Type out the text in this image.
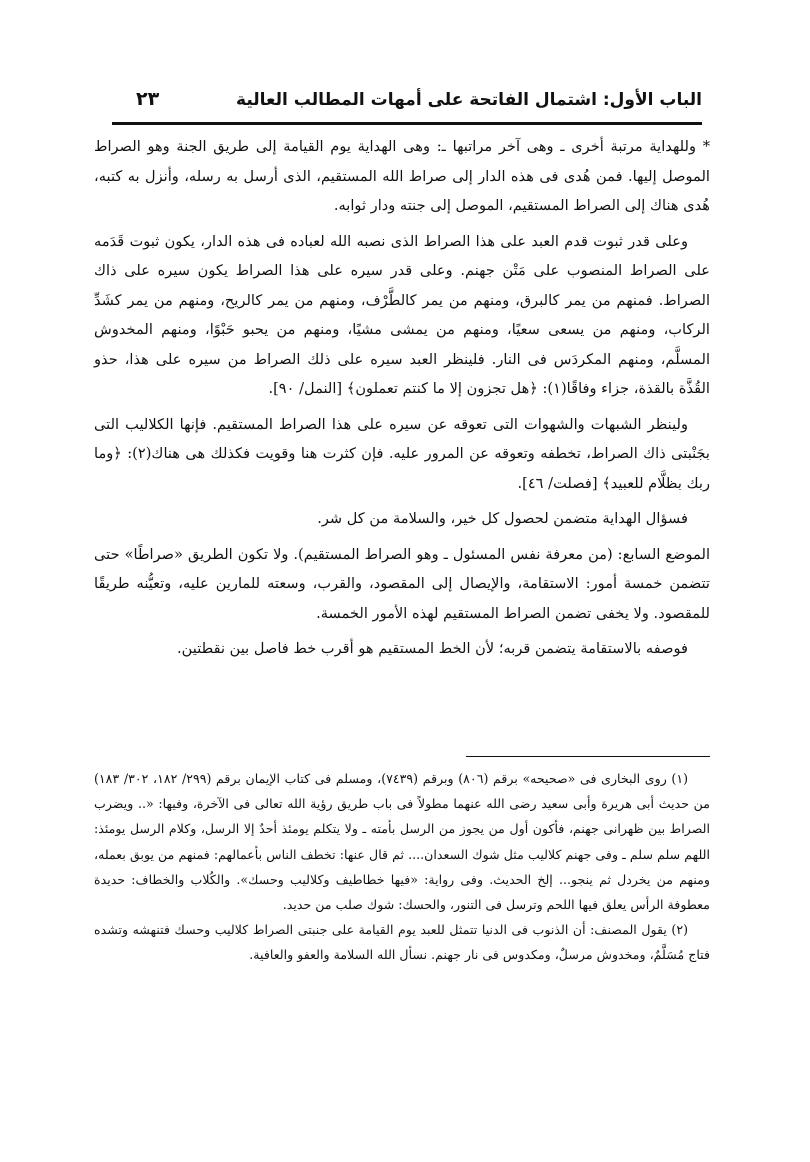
الباب الأول: اشتمال الفاتحة على أمهات المطالب العالية
٢٣

* وللهداية مرتبة أخرى ـ وهى آخر مراتبها ـ: وهى الهداية يوم القيامة إلى طريق الجنة وهو الصراط الموصل إليها. فمن هُدى فى هذه الدار إلى صراط الله المستقيم، الذى أرسل به رسله، وأنزل به كتبه، هُدى هناك إلى الصراط المستقيم، الموصل إلى جنته ودار ثوابه.

وعلى قدر ثبوت قدم العبد على هذا الصراط الذى نصبه الله لعباده فى هذه الدار، يكون ثبوت قَدَمه على الصراط المنصوب على مَتْن جهنم. وعلى قدر سيره على هذا الصراط يكون سيره على ذاك الصراط. فمنهم من يمر كالبرق، ومنهم من يمر كالطَّرْف، ومنهم من يمر كالريح، ومنهم من يمر كشَدِّ الركاب، ومنهم من يسعى سعيًا، ومنهم من يمشى مشيًا، ومنهم من يحبو حَبْوًا، ومنهم المخدوش المسلَّم، ومنهم المكردَس فى النار. فلينظر العبد سيره على ذلك الصراط من سيره على هذا، حذو القُذَّة بالقذة، جزاء وفاقًا(١): ﴿هل تجزون إلا ما كنتم تعملون﴾ [النمل/ ٩٠].

ولينظر الشبهات والشهوات التى تعوقه عن سيره على هذا الصراط المستقيم. فإنها الكلاليب التى بجَنْبتى ذاك الصراط، تخطفه وتعوقه عن المرور عليه. فإن كثرت هنا وقويت فكذلك هى هناك(٢): ﴿وما ربك بظلَّام للعبيد﴾ [فصلت/ ٤٦].

فسؤال الهداية متضمن لحصول كل خير، والسلامة من كل شر.

الموضع السابع: (من معرفة نفس المسئول ـ وهو الصراط المستقيم). ولا تكون الطريق «صراطًا» حتى تتضمن خمسة أمور: الاستقامة، والإيصال إلى المقصود، والقرب، وسعته للمارين عليه، وتعيُّنه طريقًا للمقصود. ولا يخفى تضمن الصراط المستقيم لهذه الأمور الخمسة.

فوصفه بالاستقامة يتضمن قربه؛ لأن الخط المستقيم هو أقرب خط فاصل بين نقطتين.

(١) روى البخارى فى «صحيحه» برقم (٨٠٦) وبرقم (٧٤٣٩)، ومسلم فى كتاب الإيمان برقم (٢٩٩/ ١٨٢، ٣٠٢/ ١٨٣) من حديث أبى هريرة وأبى سعيد رضى الله عنهما مطولاً فى باب طريق رؤية الله تعالى فى الآخرة، وفيها: «.. ويضرب الصراط بين ظهرانى جهنم، فأكون أول من يجوز من الرسل بأمته ـ ولا يتكلم يومئذ أحدٌ إلا الرسل، وكلام الرسل يومئذ: اللهم سلم سلم ـ وفى جهنم كلاليب مثل شوك السعدان.... ثم قال عنها: تخطف الناس بأعمالهم: فمنهم من يوبق بعمله، ومنهم من يخردل ثم ينجو... إلخ الحديث. وفى رواية: «فيها خطاطيف وكلاليب وحسك». والكُلاب والخطاف: حديدة معطوفة الرأس يعلق فيها اللحم وترسل فى التنور، والحسك: شوك صلب من حديد.

(٢) يقول المصنف: أن الذنوب فى الدنيا تتمثل للعبد يوم القيامة على جنبتى الصراط كلاليب وحسك فتنهشه وتشده فتاج مُسَلَّمٌ، ومخدوش مرسلٌ، ومكدوس فى نار جهنم. نسأل الله السلامة والعفو والعافية.
